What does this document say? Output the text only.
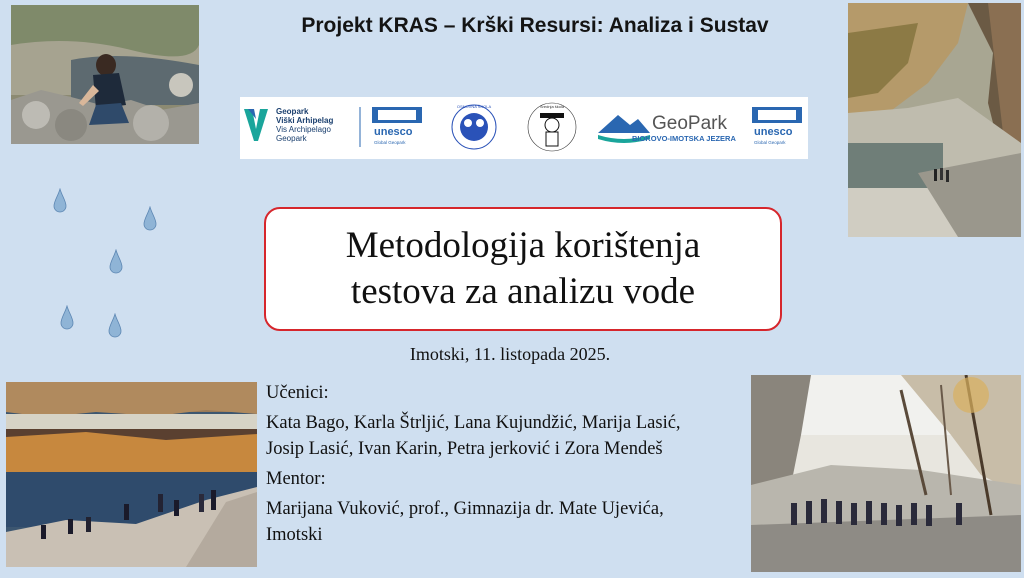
Projekt KRAS – Krški Resursi: Analiza i Sustav
Geopark
Viški Arhipelag
Vis Archipelago
Geopark
unesco
Global Geopark
OSNOVNA ŠKOLA	Srednja škola
GeoPark
BIOKOVO-IMOTSKA JEZERA
unesco
Global Geopark
Metodologija korištenja
testova za analizu vode
Imotski, 11. listopada 2025.

Učenici:

Kata Bago, Karla Štrljić, Lana Kujundžić, Marija Lasić,

Josip Lasić, Ivan Karin, Petra jerković i Zora Mendeš

Mentor:

Marijana Vuković, prof., Gimnazija dr. Mate Ujevića,

Imotski
